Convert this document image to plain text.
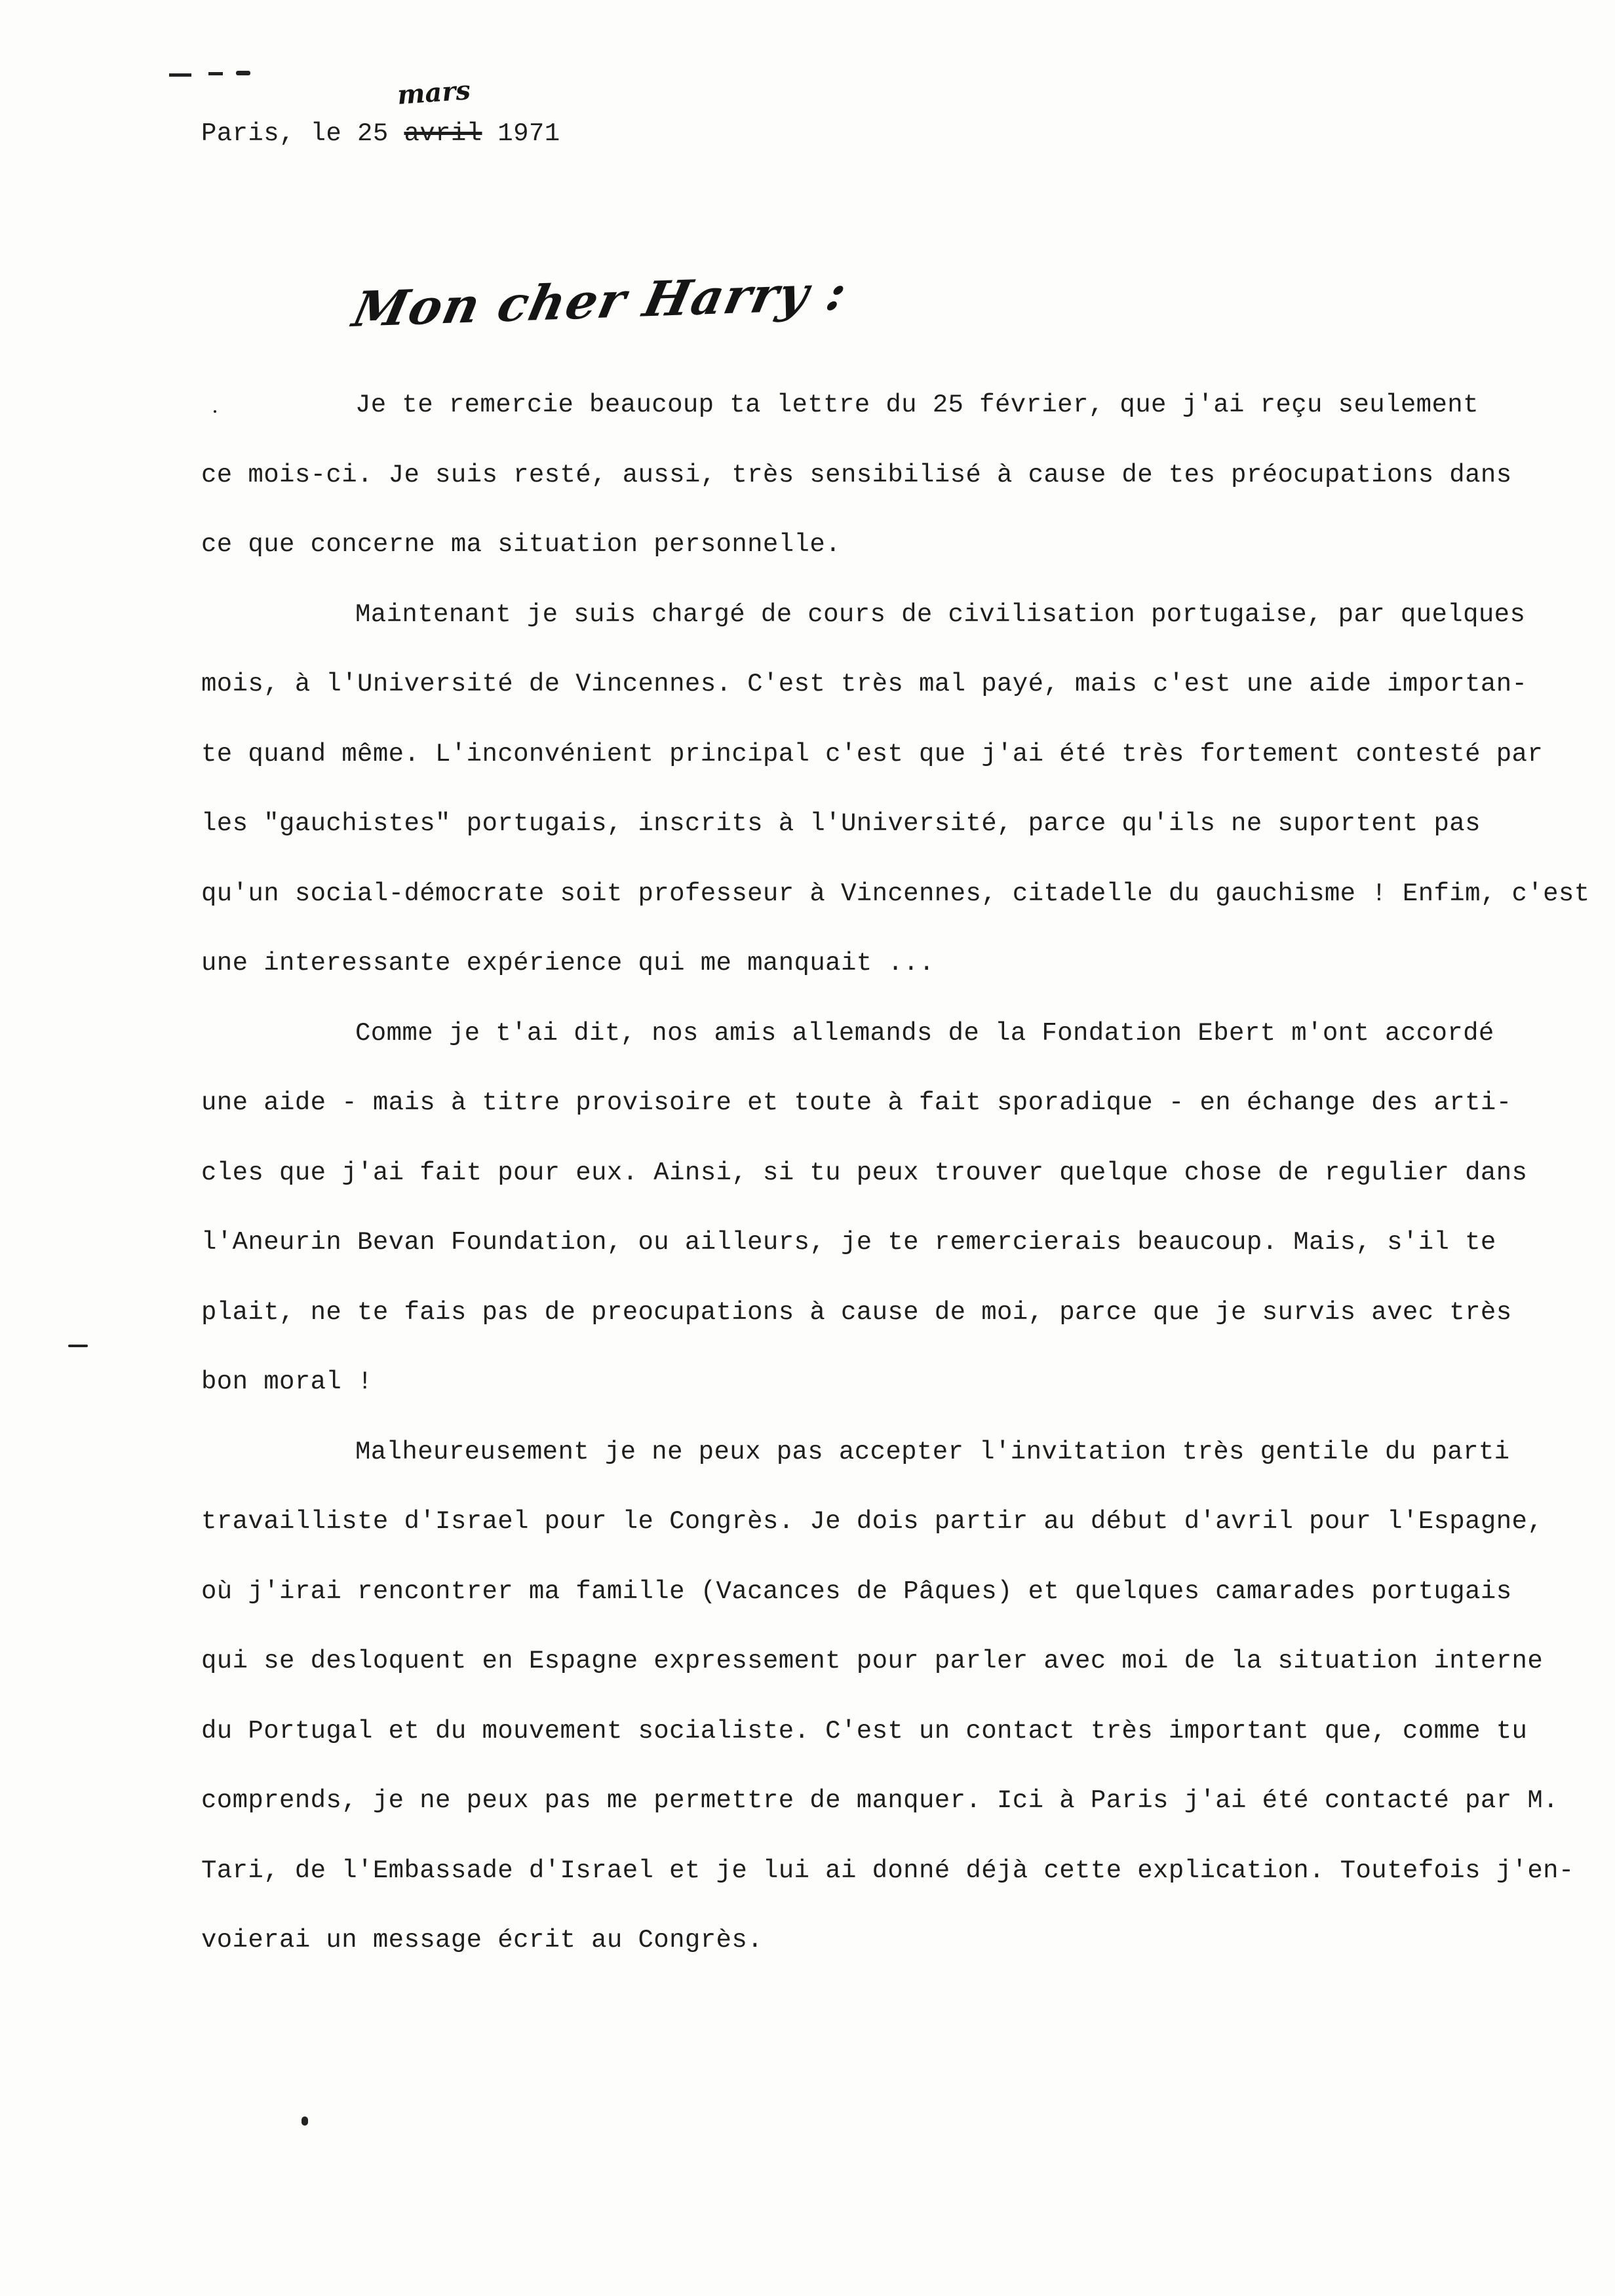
mars
Paris, le 25 avril 1971
Mon cher Harry :
Je te remercie beaucoup ta lettre du 25 février, que j'ai reçu seulement
ce mois-ci. Je suis resté, aussi, très sensibilisé à cause de tes préocupations dans
ce que concerne ma situation personnelle.
Maintenant je suis chargé de cours de civilisation portugaise, par quelques
mois, à l'Université de Vincennes. C'est très mal payé, mais c'est une aide importan-
te quand même. L'inconvénient principal c'est que j'ai été très fortement contesté par
les "gauchistes" portugais, inscrits à l'Université, parce qu'ils ne suportent pas
qu'un social-démocrate soit professeur à Vincennes, citadelle du gauchisme ! Enfim, c'est
une interessante expérience qui me manquait ...
Comme je t'ai dit, nos amis allemands de la Fondation Ebert m'ont accordé
une aide - mais à titre provisoire et toute à fait sporadique - en échange des arti-
cles que j'ai fait pour eux. Ainsi, si tu peux trouver quelque chose de regulier dans
l'Aneurin Bevan Foundation, ou ailleurs, je te remercierais beaucoup. Mais, s'il te
plait, ne te fais pas de preocupations à cause de moi, parce que je survis avec très
bon moral !
Malheureusement je ne peux pas accepter l'invitation très gentile du parti
travailliste d'Israel pour le Congrès. Je dois partir au début d'avril pour l'Espagne,
où j'irai rencontrer ma famille (Vacances de Pâques) et quelques camarades portugais
qui se desloquent en Espagne expressement pour parler avec moi de la situation interne
du Portugal et du mouvement socialiste. C'est un contact très important que, comme tu
comprends, je ne peux pas me permettre de manquer. Ici à Paris j'ai été contacté par M.
Tari, de l'Embassade d'Israel et je lui ai donné déjà cette explication. Toutefois j'en-
voierai un message écrit au Congrès.
